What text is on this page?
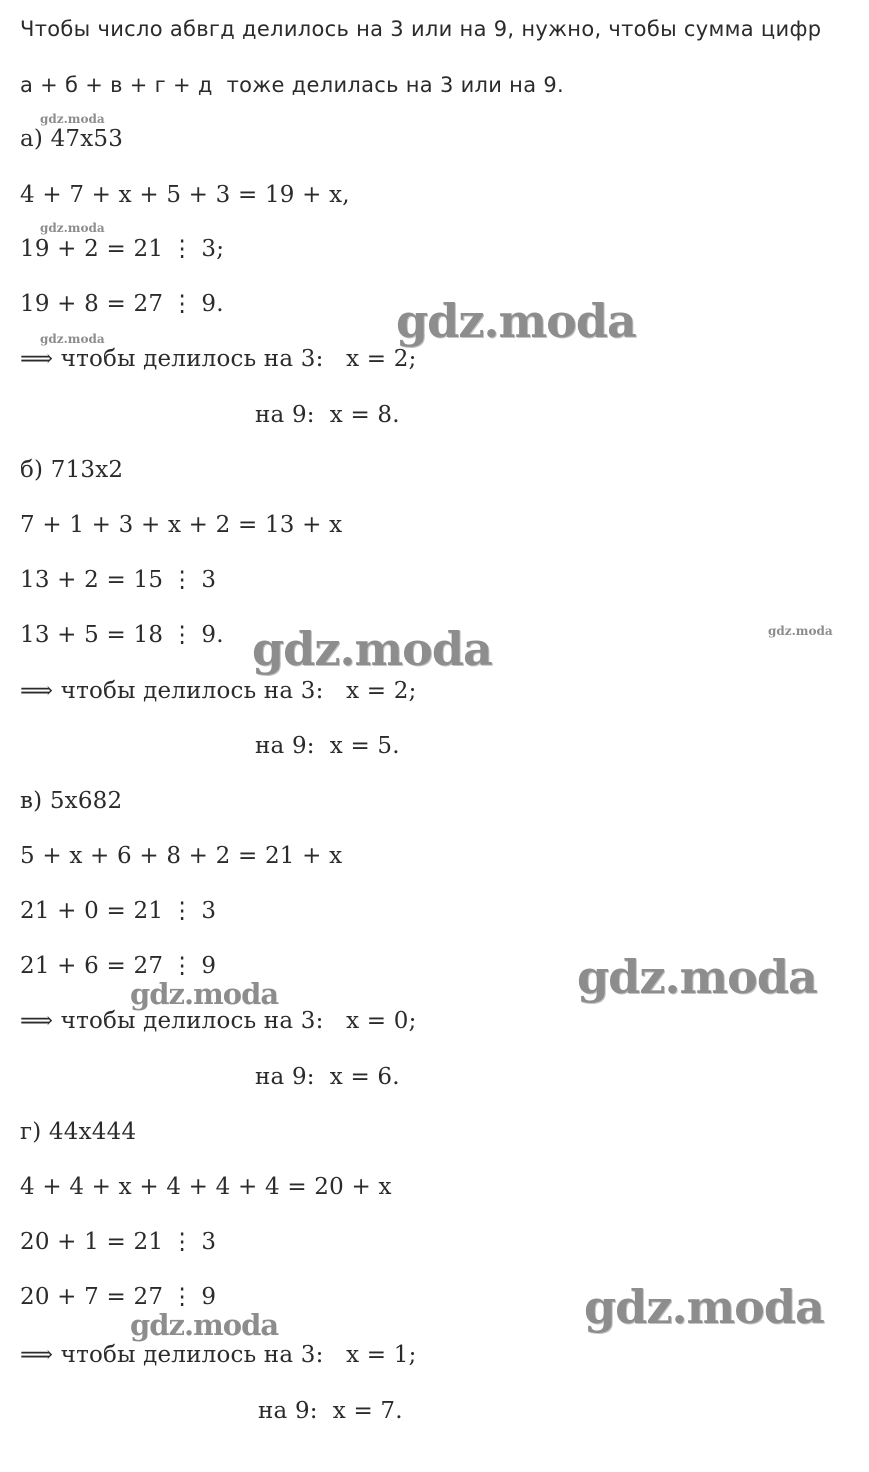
Чтобы число абвгд делилось на 3 или на 9, нужно, чтобы сумма цифр
а + б + в + г + д  тоже делилась на 3 или на 9.
а) 47х53
4 + 7 + x + 5 + 3 = 19 + x,
19 + 2 = 21 ⋮ 3;
19 + 8 = 27 ⋮ 9.
⟹ чтобы делилось на 3:   x = 2;
на 9:  x = 8.
б) 713х2
7 + 1 + 3 + x + 2 = 13 + x
13 + 2 = 15 ⋮ 3
13 + 5 = 18 ⋮ 9.
⟹ чтобы делилось на 3:   x = 2;
на 9:  x = 5.
в) 5х682
5 + x + 6 + 8 + 2 = 21 + x
21 + 0 = 21 ⋮ 3
21 + 6 = 27 ⋮ 9
⟹ чтобы делилось на 3:   x = 0;
на 9:  x = 6.
г) 44х444
4 + 4 + x + 4 + 4 + 4 = 20 + x
20 + 1 = 21 ⋮ 3
20 + 7 = 27 ⋮ 9
⟹ чтобы делилось на 3:   x = 1;
на 9:  x = 7.
gdz.moda
gdz.moda
gdz.moda
gdz.moda
gdz.moda
gdz.moda
gdz.moda
gdz.moda
gdz.moda
gdz.moda
